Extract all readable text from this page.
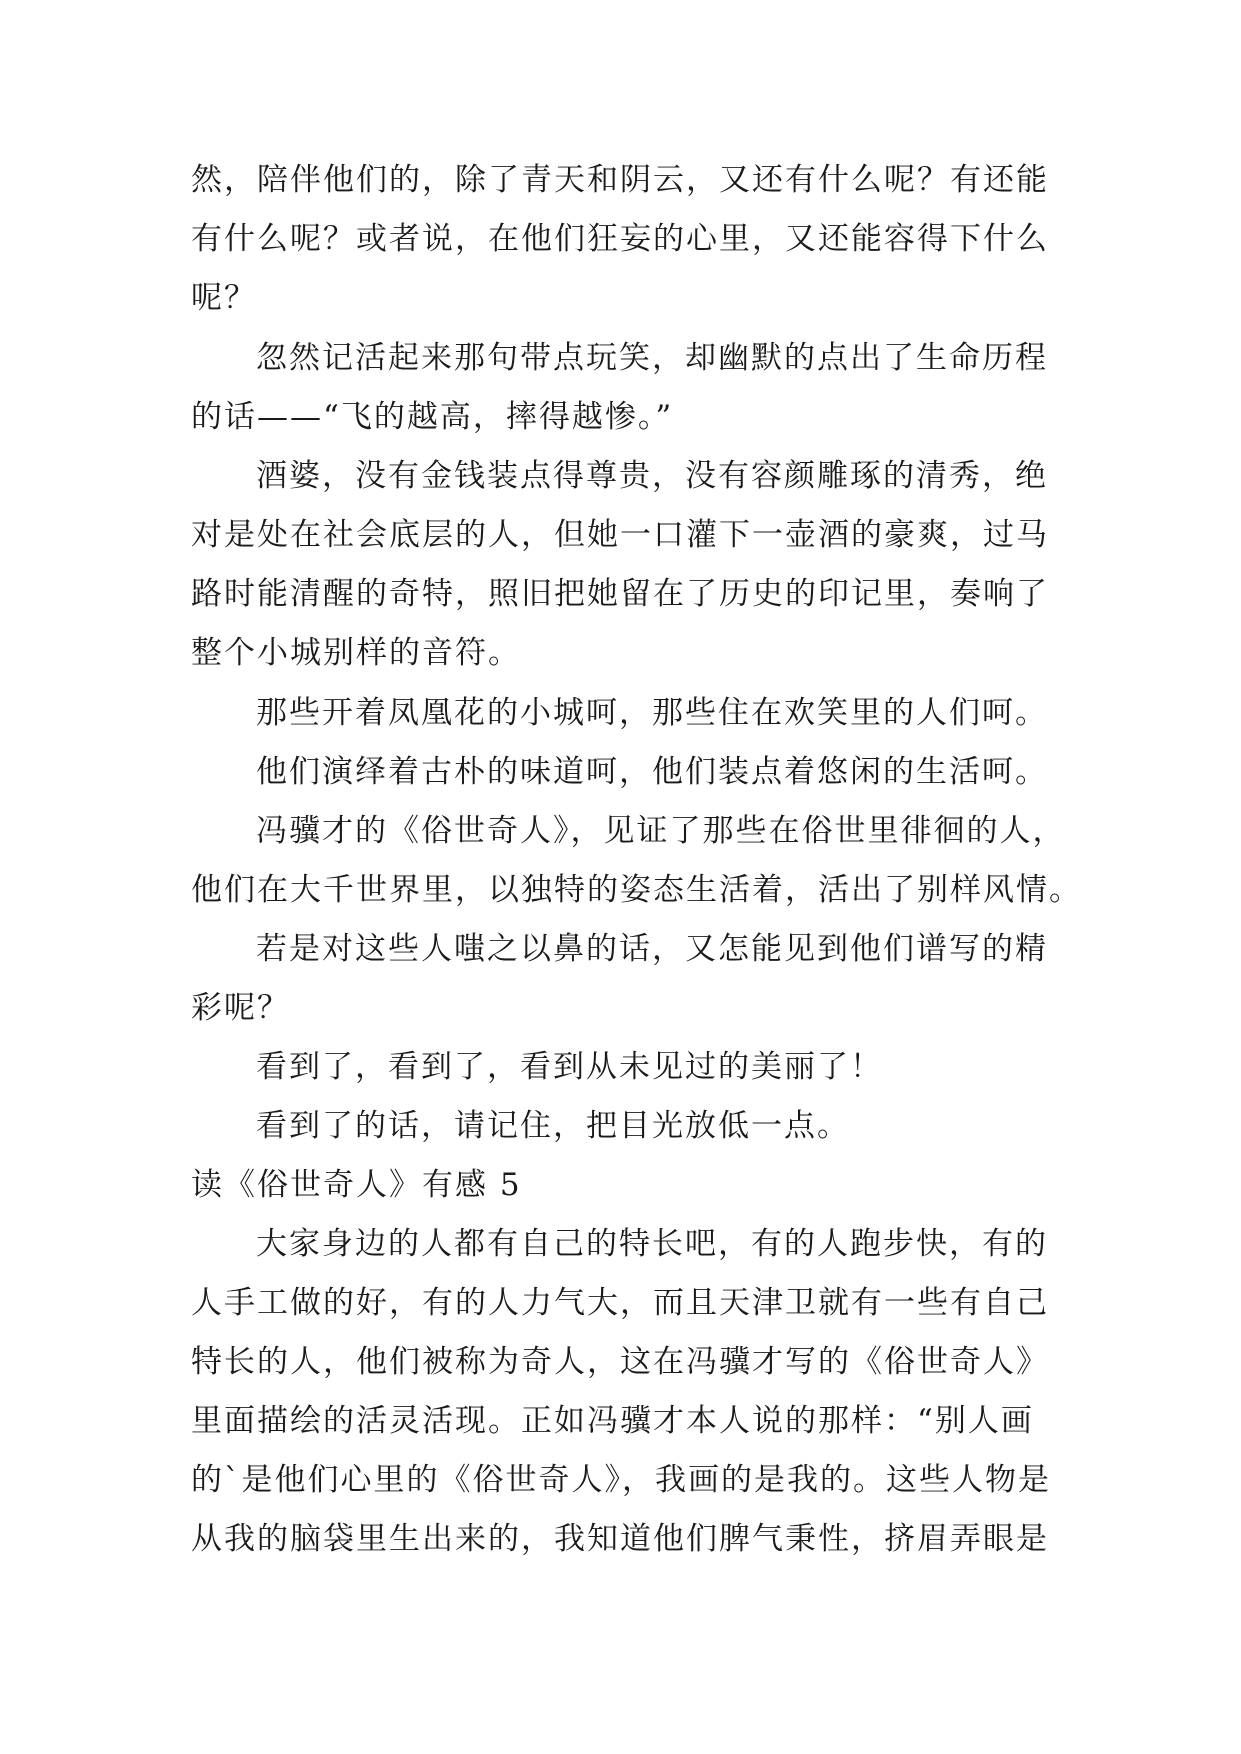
然，陪伴他们的，除了青天和阴云，又还有什么呢？有还能
有什么呢？或者说，在他们狂妄的心里，又还能容得下什么
呢？
忽然记活起来那句带点玩笑，却幽默的点出了生命历程
的话——“飞的越高，摔得越惨。”
酒婆，没有金钱装点得尊贵，没有容颜雕琢的清秀，绝
对是处在社会底层的人，但她一口灌下一壶酒的豪爽，过马
路时能清醒的奇特，照旧把她留在了历史的印记里，奏响了
整个小城别样的音符。
那些开着凤凰花的小城呵，那些住在欢笑里的人们呵。
他们演绎着古朴的味道呵，他们装点着悠闲的生活呵。
冯骥才的《俗世奇人》，见证了那些在俗世里徘徊的人，
他们在大千世界里，以独特的姿态生活着，活出了别样风情。
若是对这些人嗤之以鼻的话，又怎能见到他们谱写的精
彩呢？
看到了，看到了，看到从未见过的美丽了！
看到了的话，请记住，把目光放低一点。
读《俗世奇人》有感 5
大家身边的人都有自己的特长吧，有的人跑步快，有的
人手工做的好，有的人力气大，而且天津卫就有一些有自己
特长的人，他们被称为奇人，这在冯骥才写的《俗世奇人》
里面描绘的活灵活现。正如冯骥才本人说的那样：“别人画
的`是他们心里的《俗世奇人》，我画的是我的。这些人物是
从我的脑袋里生出来的，我知道他们脾气秉性，挤眉弄眼是
